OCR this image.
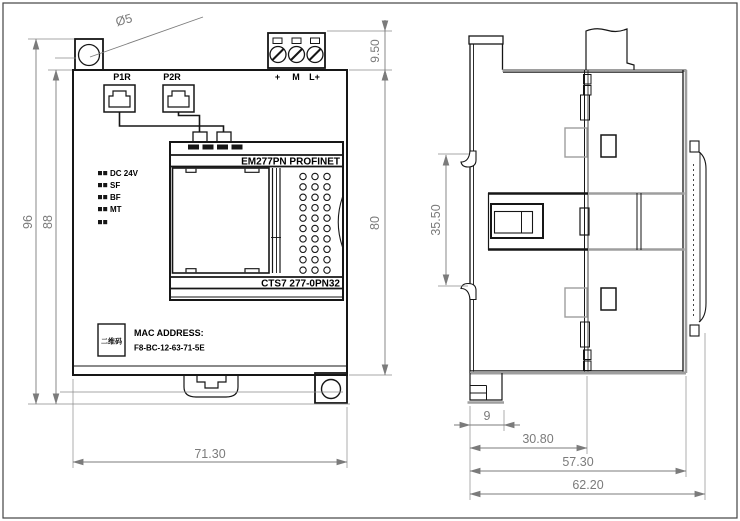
Ø5
+ M L+
P1R	P2R
EM277PN PROFINET
CTS7 277-0PN32
DC 24V
SF
BF
MT
二维码
MAC ADDRESS:
F8-BC-12-63-71-5E
96 88	80
9.50
71.30
35.50
9
30.80
57.30
62.20
